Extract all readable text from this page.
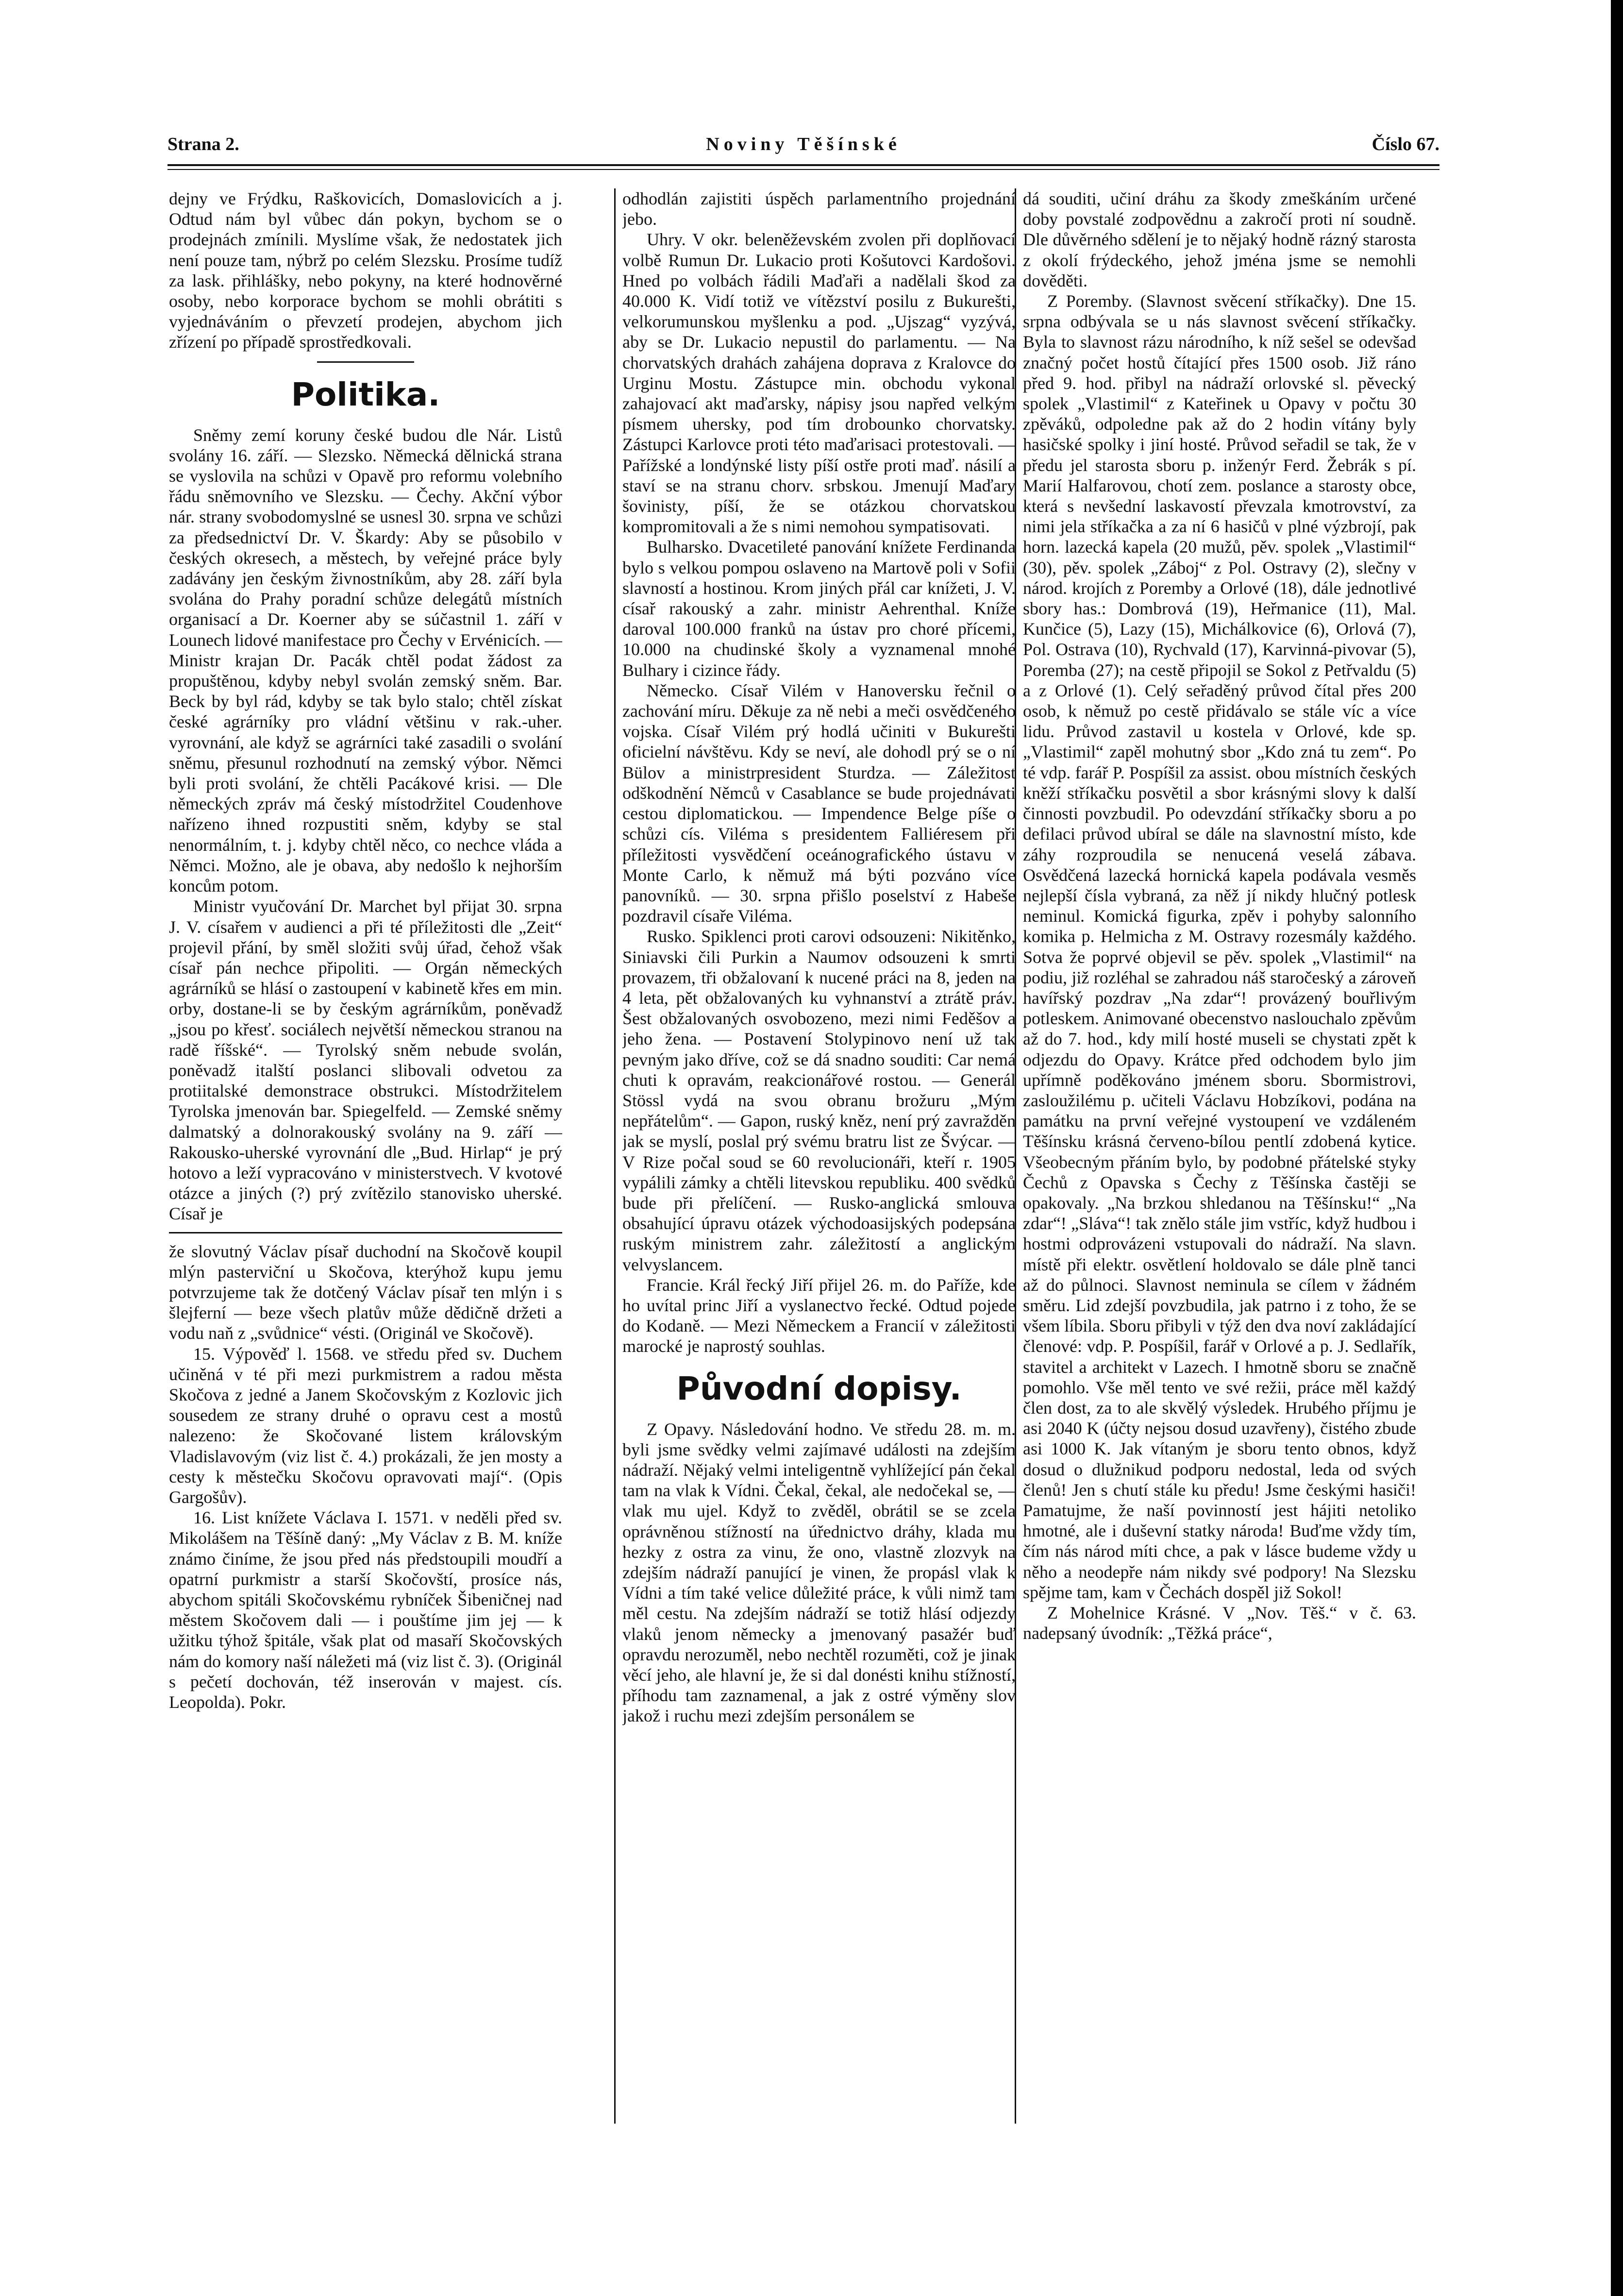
Strana 2.	Noviny Těšínské	Číslo 67.

dejny ve Frýdku, Raškovicích, Domaslovicích a j. Odtud nám byl vůbec dán pokyn, bychom se o prodejnách zmínili. Myslíme však, že nedostatek jich není pouze tam, nýbrž po celém Slezsku. Prosíme tudíž za lask. přihlášky, nebo pokyny, na které hodnověrné osoby, nebo korporace bychom se mohli obrátiti s vyjednáváním o převzetí prodejen, abychom jich zřízení po případě sprostředkovali.

Politika.

Sněmy zemí koruny české budou dle Nár. Listů svolány 16. září. — Slezsko. Německá dělnická strana se vyslovila na schůzi v Opavě pro reformu volebního řádu sněmovního ve Slezsku. — Čechy. Akční výbor nár. strany svobodomyslné se usnesl 30. srpna ve schůzi za předsednictví Dr. V. Škardy: Aby se působilo v českých okresech, a městech, by veřejné práce byly zadávány jen českým živnostníkům, aby 28. září byla svolána do Prahy poradní schůze delegátů místních organisací a Dr. Koerner aby se súčastnil 1. září v Lounech lidové manifestace pro Čechy v Ervénicích. — Ministr krajan Dr. Pacák chtěl podat žádost za propuštěnou, kdyby nebyl svolán zemský sněm. Bar. Beck by byl rád, kdyby se tak bylo stalo; chtěl získat české agrárníky pro vládní většinu v rak.-uher. vyrovnání, ale když se agrárníci také zasadili o svolání sněmu, přesunul rozhodnutí na zemský výbor. Němci byli proti svolání, že chtěli Pacákové krisi. — Dle německých zpráv má český místodržitel Coudenhove nařízeno ihned rozpustiti sněm, kdyby se stal nenormálním, t. j. kdyby chtěl něco, co nechce vláda a Němci. Možno, ale je obava, aby nedošlo k nejhorším koncům potom.

Ministr vyučování Dr. Marchet byl přijat 30. srpna J. V. císařem v audienci a při té příležitosti dle „Zeit“ projevil přání, by směl složiti svůj úřad, čehož však císař pán nechce připoliti. — Orgán německých agrárníků se hlásí o zastoupení v kabinetě křes em min. orby, dostane-li se by českým agrárníkům, poněvadž „jsou po křesť. sociálech největší německou stranou na radě říšské“. — Tyrolský sněm nebude svolán, poněvadž italští poslanci slibovali odvetou za protiitalské demonstrace obstrukci. Místodržitelem Tyrolska jmenován bar. Spiegelfeld. — Zemské sněmy dalmatský a dolnorakouský svolány na 9. září — Rakousko-uherské vyrovnání dle „Bud. Hirlap“ je prý hotovo a leží vypracováno v ministerstvech. V kvotové otázce a jiných (?) prý zvítězilo stanovisko uherské. Císař je

že slovutný Václav písař duchodní na Skočově koupil mlýn pasterviční u Skočova, kterýhož kupu jemu potvrzujeme tak že dotčený Václav písař ten mlýn i s šlejferní — beze všech platův může dědičně držeti a vodu naň z „svůdnice“ vésti. (Originál ve Skočově).

15. Výpověď l. 1568. ve středu před sv. Duchem učiněná v té při mezi purkmistrem a radou města Skočova z jedné a Janem Skočovským z Kozlovic jich sousedem ze strany druhé o opravu cest a mostů nalezeno: že Skočované listem královským Vladislavovým (viz list č. 4.) prokázali, že jen mosty a cesty k městečku Skočovu opravovati mají“. (Opis Gargošův).

16. List knížete Václava I. 1571. v neděli před sv. Mikolášem na Těšíně daný: „My Václav z B. M. kníže známo činíme, že jsou před nás předstoupili moudří a opatrní purkmistr a starší Skočovští, prosíce nás, abychom spitáli Skočovskému rybníček Šibeničnej nad městem Skočovem dali — i pouštíme jim jej — k užitku týhož špitále, však plat od masaří Skočovských nám do komory naší náležeti má (viz list č. 3). (Originál s pečetí dochován, též inserován v majest. cís. Leopolda). Pokr.

odhodlán zajistiti úspěch parlamentního projednání jebo.

Uhry. V okr. beleněževském zvolen při doplňovací volbě Rumun Dr. Lukacio proti Košutovci Kardošovi. Hned po volbách řádili Maďaři a nadělali škod za 40.000 K. Vidí totiž ve vítězství posilu z Bukurešti, velkorumunskou myšlenku a pod. „Ujszag“ vyzývá, aby se Dr. Lukacio nepustil do parlamentu. — Na chorvatských drahách zahájena doprava z Kralovce do Urginu Mostu. Zástupce min. obchodu vykonal zahajovací akt maďarsky, nápisy jsou napřed velkým písmem uhersky, pod tím drobounko chorvatsky. Zástupci Karlovce proti této maďarisaci protestovali. — Pařížské a londýnské listy píší ostře proti maď. násilí a staví se na stranu chorv. srbskou. Jmenují Maďary šovinisty, píší, že se otázkou chorvatskou kompromitovali a že s nimi nemohou sympatisovati.

Bulharsko. Dvacetileté panování knížete Ferdinanda bylo s velkou pompou oslaveno na Martově poli v Sofii slavností a hostinou. Krom jiných přál car knížeti, J. V. císař rakouský a zahr. ministr Aehrenthal. Kníže daroval 100.000 franků na ústav pro choré přícemi, 10.000 na chudinské školy a vyznamenal mnohé Bulhary i cizince řády.

Německo. Císař Vilém v Hanoversku řečnil o zachování míru. Děkuje za ně nebi a meči osvědčeného vojska. Císař Vilém prý hodlá učiniti v Bukurešti oficielní návštěvu. Kdy se neví, ale dohodl prý se o ní Bülov a ministrpresident Sturdza. — Záležitost odškodnění Němců v Casablance se bude projednávati cestou diplomatickou. — Impendence Belge píše o schůzi cís. Viléma s presidentem Falliéresem při příležitosti vysvědčení oceánografického ústavu v Monte Carlo, k němuž má býti pozváno více panovníků. — 30. srpna přišlo poselství z Habeše pozdravil císaře Viléma.

Rusko. Spiklenci proti carovi odsouzeni: Nikitěnko, Siniavski čili Purkin a Naumov odsouzeni k smrti provazem, tři obžalovaní k nucené práci na 8, jeden na 4 leta, pět obžalovaných ku vyhnanství a ztrátě práv. Šest obžalovaných osvobozeno, mezi nimi Feděšov a jeho žena. — Postavení Stolypinovo není už tak pevným jako dříve, což se dá snadno souditi: Car nemá chuti k opravám, reakcionářové rostou. — Generál Stössl vydá na svou obranu brožuru „Mým nepřátelům“. — Gapon, ruský kněz, není prý zavražděn jak se myslí, poslal prý svému bratru list ze Švýcar. — V Rize počal soud se 60 revolucionáři, kteří r. 1905 vypálili zámky a chtěli litevskou republiku. 400 svědků bude při přelíčení. — Rusko-anglická smlouva obsahující úpravu otázek východoasijských podepsána ruským ministrem zahr. záležitostí a anglickým velvyslancem.

Francie. Král řecký Jiří přijel 26. m. do Paříže, kde ho uvítal princ Jiří a vyslanectvo řecké. Odtud pojede do Kodaně. — Mezi Německem a Francií v záležitosti marocké je naprostý souhlas.

Původní dopisy.

Z Opavy. Následování hodno. Ve středu 28. m. m. byli jsme svědky velmi zajímavé události na zdejším nádraží. Nějaký velmi inteligentně vyhlížející pán čekal tam na vlak k Vídni. Čekal, čekal, ale nedočekal se, — vlak mu ujel. Když to zvěděl, obrátil se se zcela oprávněnou stížností na úřednictvo dráhy, klada mu hezky z ostra za vinu, že ono, vlastně zlozvyk na zdejším nádraží panující je vinen, že propásl vlak k Vídni a tím také velice důležité práce, k vůli nimž tam měl cestu. Na zdejším nádraží se totiž hlásí odjezdy vlaků jenom německy a jmenovaný pasažér buď opravdu nerozuměl, nebo nechtěl rozuměti, což je jinak věcí jeho, ale hlavní je, že si dal donésti knihu stížností, příhodu tam zaznamenal, a jak z ostré výměny slov jakož i ruchu mezi zdejším personálem se

dá souditi, učiní dráhu za škody zmeškáním určené doby povstalé zodpovědnu a zakročí proti ní soudně. Dle důvěrného sdělení je to nějaký hodně rázný starosta z okolí frýdeckého, jehož jména jsme se nemohli dověděti.

Z Poremby. (Slavnost svěcení stříkačky). Dne 15. srpna odbývala se u nás slavnost svěcení stříkačky. Byla to slavnost rázu národního, k níž sešel se odevšad značný počet hostů čítající přes 1500 osob. Již ráno před 9. hod. přibyl na nádraží orlovské sl. pěvecký spolek „Vlastimil“ z Kateřinek u Opavy v počtu 30 zpěváků, odpoledne pak až do 2 hodin vítány byly hasičské spolky i jiní hosté. Průvod seřadil se tak, že v předu jel starosta sboru p. inženýr Ferd. Žebrák s pí. Marií Halfarovou, chotí zem. poslance a starosty obce, která s nevšední laskavostí převzala kmotrovství, za nimi jela stříkačka a za ní 6 hasičů v plné výzbrojí, pak horn. lazecká kapela (20 mužů, pěv. spolek „Vlastimil“ (30), pěv. spolek „Záboj“ z Pol. Ostravy (2), slečny v národ. krojích z Poremby a Orlové (18), dále jednotlivé sbory has.: Dombrová (19), Heřmanice (11), Mal. Kunčice (5), Lazy (15), Michálkovice (6), Orlová (7), Pol. Ostrava (10), Rychvald (17), Karvinná-pivovar (5), Poremba (27); na cestě připojil se Sokol z Petřvaldu (5) a z Orlové (1). Celý seřaděný průvod čítal přes 200 osob, k němuž po cestě přidávalo se stále víc a více lidu. Průvod zastavil u kostela v Orlové, kde sp. „Vlastimil“ zapěl mohutný sbor „Kdo zná tu zem“. Po té vdp. farář P. Pospíšil za assist. obou místních českých kněží stříkačku posvětil a sbor krásnými slovy k další činnosti povzbudil. Po odevzdání stříkačky sboru a po defilaci průvod ubíral se dále na slavnostní místo, kde záhy rozproudila se nenucená veselá zábava. Osvědčená lazecká hornická kapela podávala vesměs nejlepší čísla vybraná, za něž jí nikdy hlučný potlesk neminul. Komická figurka, zpěv i pohyby salonního komika p. Helmicha z M. Ostravy rozesmály každého. Sotva že poprvé objevil se pěv. spolek „Vlastimil“ na podiu, již rozléhal se zahradou náš staročeský a zároveň havířský pozdrav „Na zdar“! provázený bouřlivým potleskem. Animované obecenstvo naslouchalo zpěvům až do 7. hod., kdy milí hosté museli se chystati zpět k odjezdu do Opavy. Krátce před odchodem bylo jim upřímně poděkováno jménem sboru. Sbormistrovi, zasloužilému p. učiteli Václavu Hobzíkovi, podána na památku na první veřejné vystoupení ve vzdáleném Těšínsku krásná červeno-bílou pentlí zdobená kytice. Všeobecným přáním bylo, by podobné přátelské styky Čechů z Opavska s Čechy z Těšínska častěji se opakovaly. „Na brzkou shledanou na Těšínsku!“ „Na zdar“! „Sláva“! tak znělo stále jim vstříc, když hudbou i hostmi odprovázeni vstupovali do nádraží. Na slavn. místě při elektr. osvětlení holdovalo se dále plně tanci až do půlnoci. Slavnost neminula se cílem v žádném směru. Lid zdejší povzbudila, jak patrno i z toho, že se všem líbila. Sboru přibyli v týž den dva noví zakládající členové: vdp. P. Pospíšil, farář v Orlové a p. J. Sedlařík, stavitel a architekt v Lazech. I hmotně sboru se značně pomohlo. Vše měl tento ve své režii, práce měl každý člen dost, za to ale skvělý výsledek. Hrubého příjmu je asi 2040 K (účty nejsou dosud uzavřeny), čistého zbude asi 1000 K. Jak vítaným je sboru tento obnos, když dosud o dlužnikud podporu nedostal, leda od svých členů! Jen s chutí stále ku předu! Jsme českými hasiči! Pamatujme, že naší povinností jest hájiti netoliko hmotné, ale i duševní statky národa! Buďme vždy tím, čím nás národ míti chce, a pak v lásce budeme vždy u něho a neodepře nám nikdy své podpory! Na Slezsku spějme tam, kam v Čechách dospěl již Sokol!

Z Mohelnice Krásné. V „Nov. Těš.“ v č. 63. nadepsaný úvodník: „Těžká práce“,
